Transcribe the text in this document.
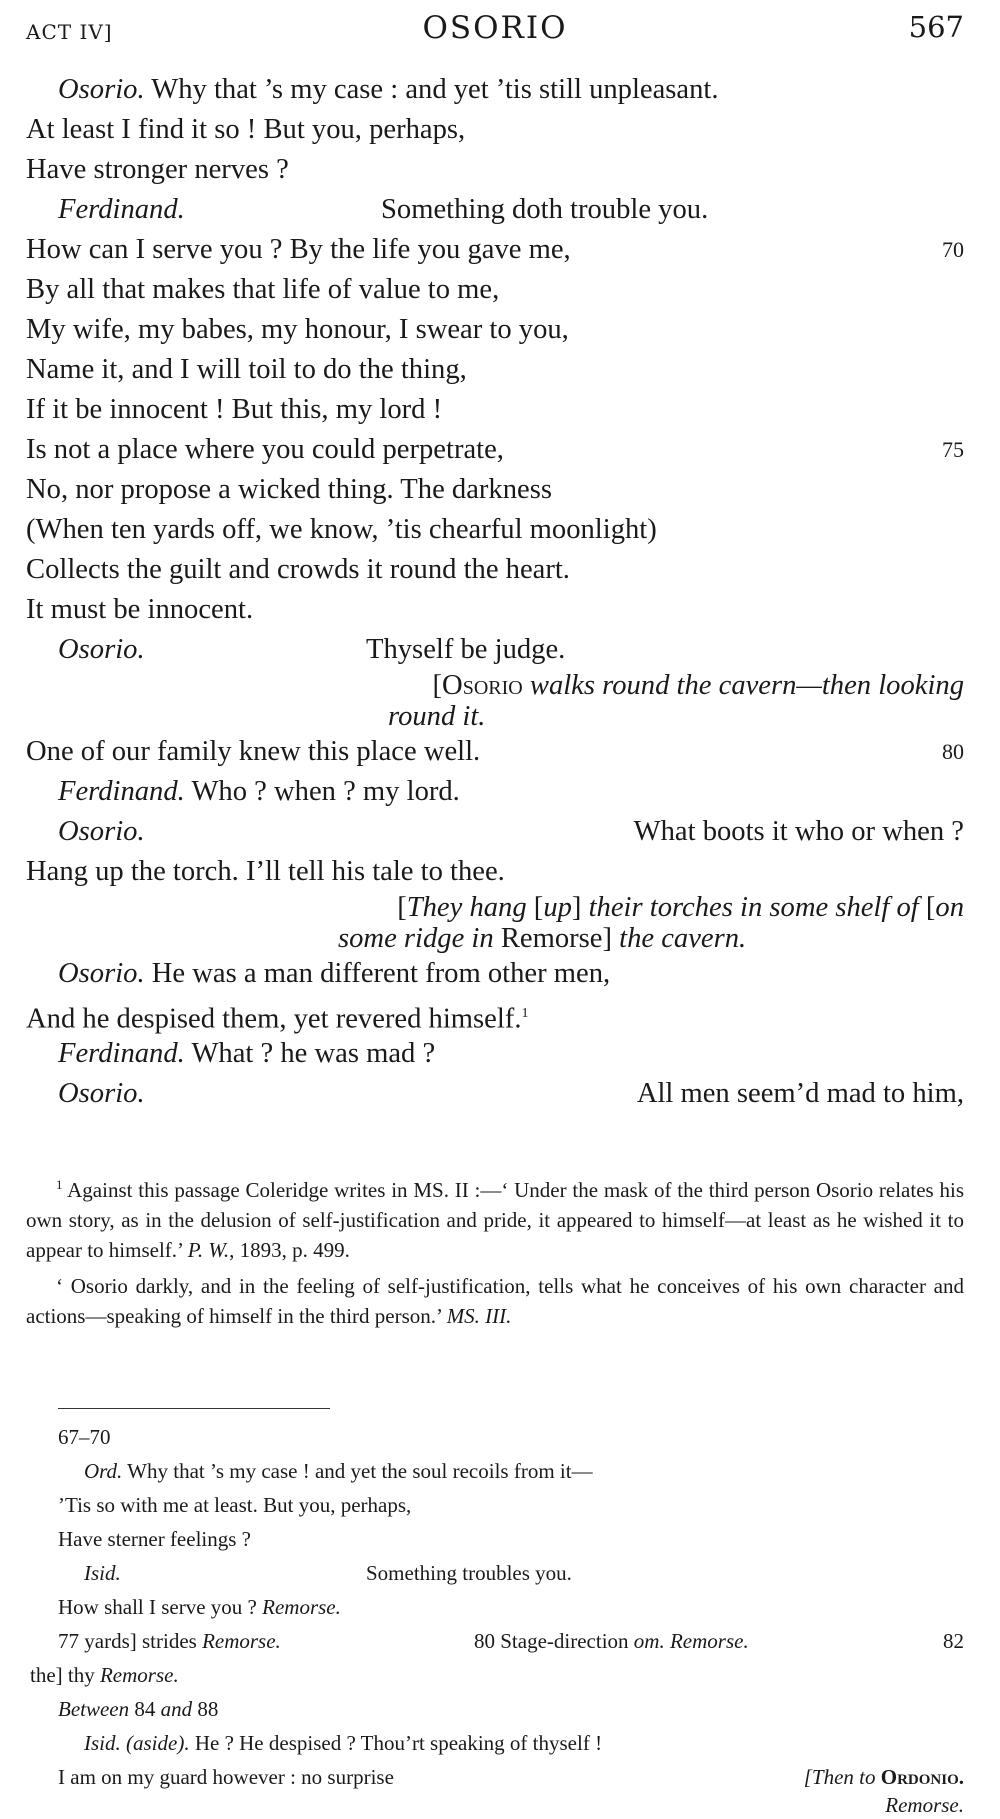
ACT IV]	OSORIO	567
Osorio. Why that ’s my case : and yet ’tis still unpleasant.
At least I find it so ! But you, perhaps,
Have stronger nerves ?
Ferdinand.	Something doth trouble you.
How can I serve you ? By the life you gave me,	70
By all that makes that life of value to me,
My wife, my babes, my honour, I swear to you,
Name it, and I will toil to do the thing,
If it be innocent ! But this, my lord !
Is not a place where you could perpetrate,	75
No, nor propose a wicked thing. The darkness
(When ten yards off, we know, ’tis chearful moonlight)
Collects the guilt and crowds it round the heart.
It must be innocent.
Osorio.	Thyself be judge.
[Osorio walks round the cavern—then looking
round it.
One of our family knew this place well.	80
Ferdinand. Who ? when ? my lord.
Osorio.	What boots it who or when ?
Hang up the torch. I’ll tell his tale to thee.
[They hang [up] their torches in some shelf of [on
some ridge in Remorse] the cavern.
Osorio. He was a man different from other men,
And he despised them, yet revered himself.$^1$
Ferdinand. What ? he was mad ?
Osorio.	All men seem’d mad to him,

$^1$ Against this passage Coleridge writes in MS. II :—‘ Under the mask of the third person Osorio relates his own story, as in the delusion of self-justification and pride, it appeared to himself—at least as he wished it to appear to himself.’ P. W., 1893, p. 499.

‘ Osorio darkly, and in the feeling of self-justification, tells what he conceives of his own character and actions—speaking of himself in the third person.’ MS. III.

67–70
Ord. Why that ’s my case ! and yet the soul recoils from it—
’Tis so with me at least. But you, perhaps,
Have sterner feelings ?
Isid.	Something troubles you.
How shall I serve you ? Remorse.
77 yards] strides Remorse.	80 Stage-direction om. Remorse.	82
the] thy Remorse.
Between 84 and 88
Isid. (aside). He ? He despised ? Thou’rt speaking of thyself !
I am on my guard however : no surprise	[Then to Ordonio.
Remorse.
